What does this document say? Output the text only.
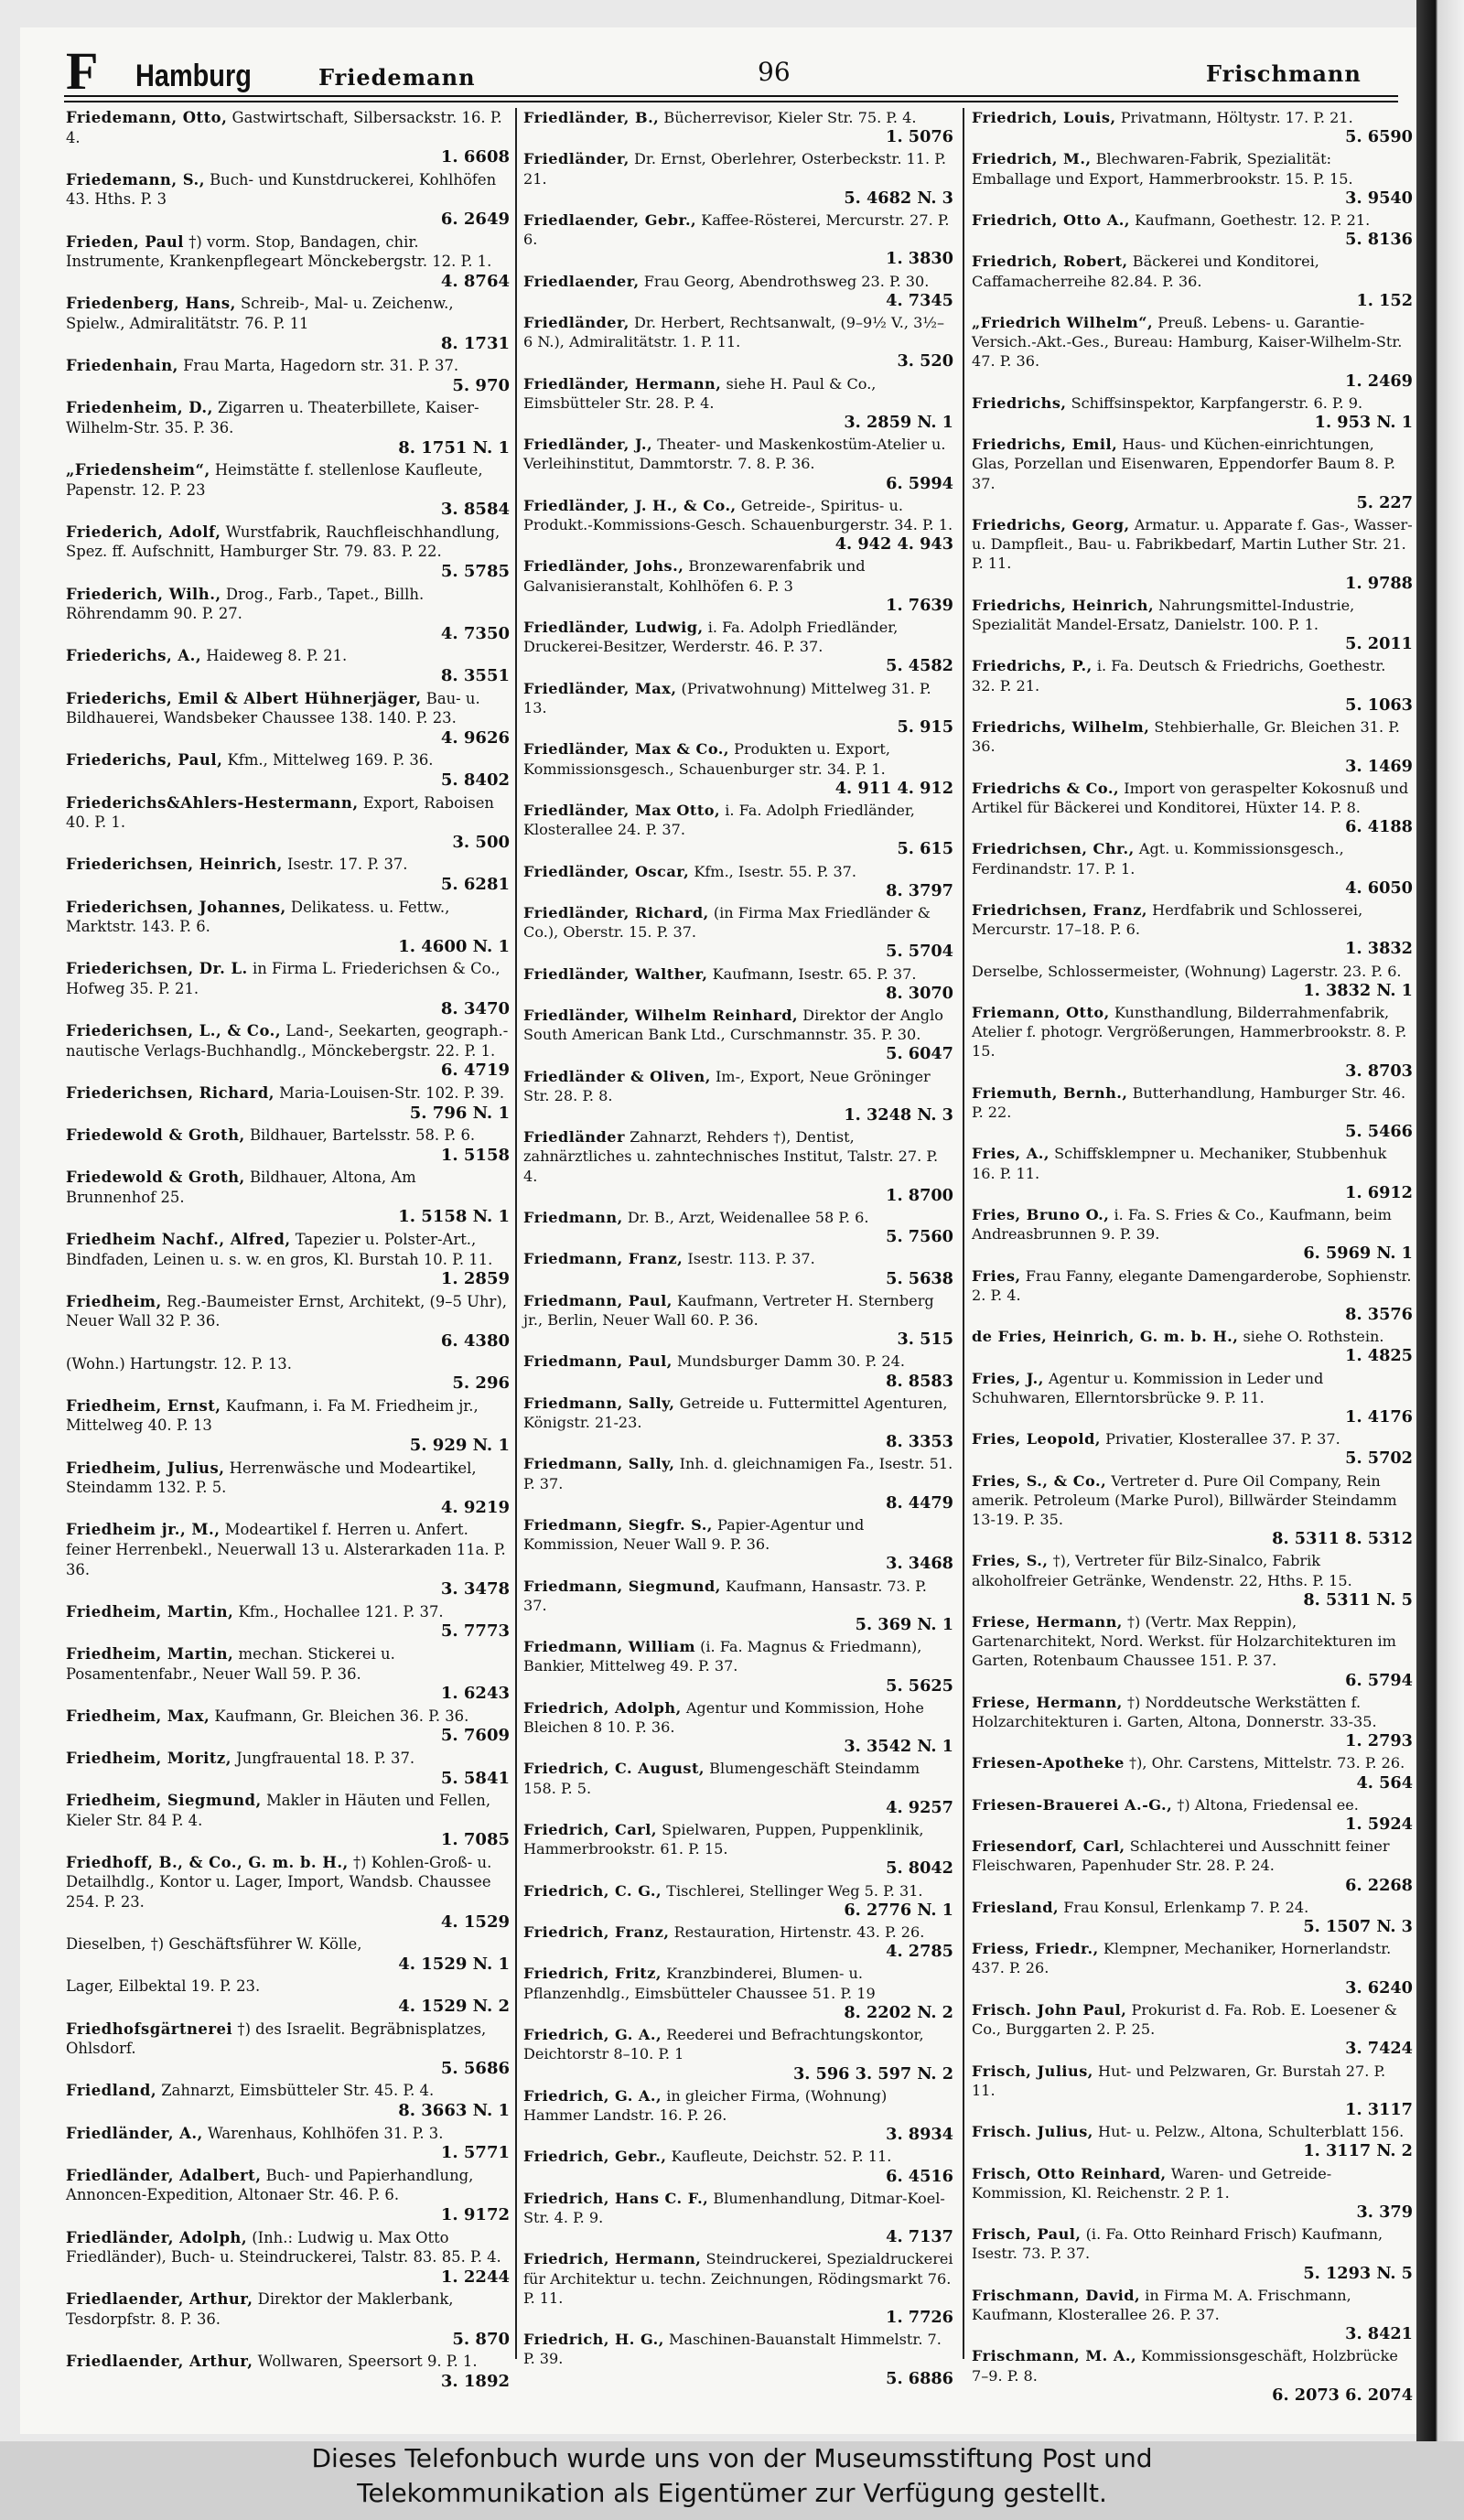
F Hamburg	Friedemann	96	Frischmann
Friedemann, Otto, Gastwirtschaft, Silbersackstr. 16. P. 4.
1. 6608
Friedemann, S., Buch- und Kunstdruckerei, Kohlhöfen 43. Hths. P. 3
6. 2649
Frieden, Paul †) vorm. Stop, Bandagen, chir. Instrumente, Krankenpflegeart Mönckebergstr. 12. P. 1.
4. 8764
Friedenberg, Hans, Schreib-, Mal- u. Zeichenw., Spielw., Admiralitätstr. 76. P. 11
8. 1731
Friedenhain, Frau Marta, Hagedorn str. 31. P. 37.
5. 970
Friedenheim, D., Zigarren u. Theaterbillete, Kaiser-Wilhelm-Str. 35. P. 36.
8. 1751 N. 1
„Friedensheim“, Heimstätte f. stellenlose Kaufleute, Papenstr. 12. P. 23
3. 8584
Friederich, Adolf, Wurstfabrik, Rauchfleischhandlung, Spez. ff. Aufschnitt, Hamburger Str. 79. 83. P. 22.
5. 5785
Friederich, Wilh., Drog., Farb., Tapet., Billh. Röhrendamm 90. P. 27.
4. 7350
Friederichs, A., Haideweg 8. P. 21.
8. 3551
Friederichs, Emil & Albert Hühnerjäger, Bau- u. Bildhauerei, Wandsbeker Chaussee 138. 140. P. 23.
4. 9626
Friederichs, Paul, Kfm., Mittelweg 169. P. 36.
5. 8402
Friederichs&Ahlers-Hestermann, Export, Raboisen 40. P. 1.
3. 500
Friederichsen, Heinrich, Isestr. 17. P. 37.
5. 6281
Friederichsen, Johannes, Delikatess. u. Fettw., Marktstr. 143. P. 6.
1. 4600 N. 1
Friederichsen, Dr. L. in Firma L. Friederichsen & Co., Hofweg 35. P. 21.
8. 3470
Friederichsen, L., & Co., Land-, Seekarten, geograph.-nautische Verlags-Buchhandlg., Mönckebergstr. 22. P. 1.
6. 4719
Friederichsen, Richard, Maria-Louisen-Str. 102. P. 39.
5. 796 N. 1
Friedewold & Groth, Bildhauer, Bartelsstr. 58. P. 6.
1. 5158
Friedewold & Groth, Bildhauer, Altona, Am Brunnenhof 25.
1. 5158 N. 1
Friedheim Nachf., Alfred, Tapezier u. Polster-Art., Bindfaden, Leinen u. s. w. en gros, Kl. Burstah 10. P. 11.
1. 2859
Friedheim, Reg.-Baumeister Ernst, Architekt, (9–5 Uhr), Neuer Wall 32 P. 36.
6. 4380
(Wohn.) Hartungstr. 12. P. 13.
5. 296
Friedheim, Ernst, Kaufmann, i. Fa M. Friedheim jr., Mittelweg 40. P. 13
5. 929 N. 1
Friedheim, Julius, Herrenwäsche und Modeartikel, Steindamm 132. P. 5.
4. 9219
Friedheim jr., M., Modeartikel f. Herren u. Anfert. feiner Herrenbekl., Neuerwall 13 u. Alsterarkaden 11a. P. 36.
3. 3478
Friedheim, Martin, Kfm., Hochallee 121. P. 37.
5. 7773
Friedheim, Martin, mechan. Stickerei u. Posamentenfabr., Neuer Wall 59. P. 36.
1. 6243
Friedheim, Max, Kaufmann, Gr. Bleichen 36. P. 36.
5. 7609
Friedheim, Moritz, Jungfrauental 18. P. 37.
5. 5841
Friedheim, Siegmund, Makler in Häuten und Fellen, Kieler Str. 84 P. 4.
1. 7085
Friedhoff, B., & Co., G. m. b. H., †) Kohlen-Groß- u. Detailhdlg., Kontor u. Lager, Import, Wandsb. Chaussee 254. P. 23.
4. 1529
Dieselben, †) Geschäftsführer W. Kölle,
4. 1529 N. 1
Lager, Eilbektal 19. P. 23.
4. 1529 N. 2
Friedhofsgärtnerei †) des Israelit. Begräbnisplatzes, Ohlsdorf.
5. 5686
Friedland, Zahnarzt, Eimsbütteler Str. 45. P. 4.
8. 3663 N. 1
Friedländer, A., Warenhaus, Kohlhöfen 31. P. 3.
1. 5771
Friedländer, Adalbert, Buch- und Papierhandlung, Annoncen-Expedition, Altonaer Str. 46. P. 6.
1. 9172
Friedländer, Adolph, (Inh.: Ludwig u. Max Otto Friedländer), Buch- u. Steindruckerei, Talstr. 83. 85. P. 4.
1. 2244
Friedlaender, Arthur, Direktor der Maklerbank, Tesdorpfstr. 8. P. 36.
5. 870
Friedlaender, Arthur, Wollwaren, Speersort 9. P. 1.
3. 1892
Friedländer, B., Bücherrevisor, Kieler Str. 75. P. 4.
1. 5076
Friedländer, Dr. Ernst, Oberlehrer, Osterbeckstr. 11. P. 21.
5. 4682 N. 3
Friedlaender, Gebr., Kaffee-Rösterei, Mercurstr. 27. P. 6.
1. 3830
Friedlaender, Frau Georg, Abendrothsweg 23. P. 30.
4. 7345
Friedländer, Dr. Herbert, Rechtsanwalt, (9–9½ V., 3½–6 N.), Admiralitätstr. 1. P. 11.
3. 520
Friedländer, Hermann, siehe H. Paul & Co., Eimsbütteler Str. 28. P. 4.
3. 2859 N. 1
Friedländer, J., Theater- und Maskenkostüm-Atelier u. Verleihinstitut, Dammtorstr. 7. 8. P. 36.
6. 5994
Friedländer, J. H., & Co., Getreide-, Spiritus- u. Produkt.-Kommissions-Gesch. Schauenburgerstr. 34. P. 1.
4. 942 4. 943
Friedländer, Johs., Bronzewarenfabrik und Galvanisieranstalt, Kohlhöfen 6. P. 3
1. 7639
Friedländer, Ludwig, i. Fa. Adolph Friedländer, Druckerei-Besitzer, Werderstr. 46. P. 37.
5. 4582
Friedländer, Max, (Privatwohnung) Mittelweg 31. P. 13.
5. 915
Friedländer, Max & Co., Produkten u. Export, Kommissionsgesch., Schauenburger str. 34. P. 1.
4. 911 4. 912
Friedländer, Max Otto, i. Fa. Adolph Friedländer, Klosterallee 24. P. 37.
5. 615
Friedländer, Oscar, Kfm., Isestr. 55. P. 37.
8. 3797
Friedländer, Richard, (in Firma Max Friedländer & Co.), Oberstr. 15. P. 37.
5. 5704
Friedländer, Walther, Kaufmann, Isestr. 65. P. 37.
8. 3070
Friedländer, Wilhelm Reinhard, Direktor der Anglo South American Bank Ltd., Curschmannstr. 35. P. 30.
5. 6047
Friedländer & Oliven, Im-, Export, Neue Gröninger Str. 28. P. 8.
1. 3248 N. 3
Friedländer Zahnarzt, Rehders †), Dentist, zahnärztliches u. zahntechnisches Institut, Talstr. 27. P. 4.
1. 8700
Friedmann, Dr. B., Arzt, Weidenallee 58 P. 6.
5. 7560
Friedmann, Franz, Isestr. 113. P. 37.
5. 5638
Friedmann, Paul, Kaufmann, Vertreter H. Sternberg jr., Berlin, Neuer Wall 60. P. 36.
3. 515
Friedmann, Paul, Mundsburger Damm 30. P. 24.
8. 8583
Friedmann, Sally, Getreide u. Futtermittel Agenturen, Königstr. 21-23.
8. 3353
Friedmann, Sally, Inh. d. gleichnamigen Fa., Isestr. 51. P. 37.
8. 4479
Friedmann, Siegfr. S., Papier-Agentur und Kommission, Neuer Wall 9. P. 36.
3. 3468
Friedmann, Siegmund, Kaufmann, Hansastr. 73. P. 37.
5. 369 N. 1
Friedmann, William (i. Fa. Magnus & Friedmann), Bankier, Mittelweg 49. P. 37.
5. 5625
Friedrich, Adolph, Agentur und Kommission, Hohe Bleichen 8 10. P. 36.
3. 3542 N. 1
Friedrich, C. August, Blumengeschäft Steindamm 158. P. 5.
4. 9257
Friedrich, Carl, Spielwaren, Puppen, Puppenklinik, Hammerbrookstr. 61. P. 15.
5. 8042
Friedrich, C. G., Tischlerei, Stellinger Weg 5. P. 31.
6. 2776 N. 1
Friedrich, Franz, Restauration, Hirtenstr. 43. P. 26.
4. 2785
Friedrich, Fritz, Kranzbinderei, Blumen- u. Pflanzenhdlg., Eimsbütteler Chaussee 51. P. 19
8. 2202 N. 2
Friedrich, G. A., Reederei und Befrachtungskontor, Deichtorstr 8–10. P. 1
3. 596 3. 597 N. 2
Friedrich, G. A., in gleicher Firma, (Wohnung) Hammer Landstr. 16. P. 26.
3. 8934
Friedrich, Gebr., Kaufleute, Deichstr. 52. P. 11.
6. 4516
Friedrich, Hans C. F., Blumenhandlung, Ditmar-Koel-Str. 4. P. 9.
4. 7137
Friedrich, Hermann, Steindruckerei, Spezialdruckerei für Architektur u. techn. Zeichnungen, Rödingsmarkt 76. P. 11.
1. 7726
Friedrich, H. G., Maschinen-Bauanstalt Himmelstr. 7. P. 39.
5. 6886
Friedrich, Louis, Privatmann, Höltystr. 17. P. 21.
5. 6590
Friedrich, M., Blechwaren-Fabrik, Spezialität: Emballage und Export, Hammerbrookstr. 15. P. 15.
3. 9540
Friedrich, Otto A., Kaufmann, Goethestr. 12. P. 21.
5. 8136
Friedrich, Robert, Bäckerei und Konditorei, Caffamacherreihe 82.84. P. 36.
1. 152
„Friedrich Wilhelm“, Preuß. Lebens- u. Garantie-Versich.-Akt.-Ges., Bureau: Hamburg, Kaiser-Wilhelm-Str. 47. P. 36.
1. 2469
Friedrichs, Schiffsinspektor, Karpfangerstr. 6. P. 9.
1. 953 N. 1
Friedrichs, Emil, Haus- und Küchen-einrichtungen, Glas, Porzellan und Eisenwaren, Eppendorfer Baum 8. P. 37.
5. 227
Friedrichs, Georg, Armatur. u. Apparate f. Gas-, Wasser- u. Dampfleit., Bau- u. Fabrikbedarf, Martin Luther Str. 21. P. 11.
1. 9788
Friedrichs, Heinrich, Nahrungsmittel-Industrie, Spezialität Mandel-Ersatz, Danielstr. 100. P. 1.
5. 2011
Friedrichs, P., i. Fa. Deutsch & Friedrichs, Goethestr. 32. P. 21.
5. 1063
Friedrichs, Wilhelm, Stehbierhalle, Gr. Bleichen 31. P. 36.
3. 1469
Friedrichs & Co., Import von geraspelter Kokosnuß und Artikel für Bäckerei und Konditorei, Hüxter 14. P. 8.
6. 4188
Friedrichsen, Chr., Agt. u. Kommissionsgesch., Ferdinandstr. 17. P. 1.
4. 6050
Friedrichsen, Franz, Herdfabrik und Schlosserei, Mercurstr. 17–18. P. 6.
1. 3832
Derselbe, Schlossermeister, (Wohnung) Lagerstr. 23. P. 6.
1. 3832 N. 1
Friemann, Otto, Kunsthandlung, Bilderrahmenfabrik, Atelier f. photogr. Vergrößerungen, Hammerbrookstr. 8. P. 15.
3. 8703
Friemuth, Bernh., Butterhandlung, Hamburger Str. 46. P. 22.
5. 5466
Fries, A., Schiffsklempner u. Mechaniker, Stubbenhuk 16. P. 11.
1. 6912
Fries, Bruno O., i. Fa. S. Fries & Co., Kaufmann, beim Andreasbrunnen 9. P. 39.
6. 5969 N. 1
Fries, Frau Fanny, elegante Damengarderobe, Sophienstr. 2. P. 4.
8. 3576
de Fries, Heinrich, G. m. b. H., siehe O. Rothstein.
1. 4825
Fries, J., Agentur u. Kommission in Leder und Schuhwaren, Ellerntorsbrücke 9. P. 11.
1. 4176
Fries, Leopold, Privatier, Klosterallee 37. P. 37.
5. 5702
Fries, S., & Co., Vertreter d. Pure Oil Company, Rein amerik. Petroleum (Marke Purol), Billwärder Steindamm 13-19. P. 35.
8. 5311 8. 5312
Fries, S., †), Vertreter für Bilz-Sinalco, Fabrik alkoholfreier Getränke, Wendenstr. 22, Hths. P. 15.
8. 5311 N. 5
Friese, Hermann, †) (Vertr. Max Reppin), Gartenarchitekt, Nord. Werkst. für Holzarchitekturen im Garten, Rotenbaum Chaussee 151. P. 37.
6. 5794
Friese, Hermann, †) Norddeutsche Werkstätten f. Holzarchitekturen i. Garten, Altona, Donnerstr. 33-35.
1. 2793
Friesen-Apotheke †), Ohr. Carstens, Mittelstr. 73. P. 26.
4. 564
Friesen-Brauerei A.-G., †) Altona, Friedensal ee.
1. 5924
Friesendorf, Carl, Schlachterei und Ausschnitt feiner Fleischwaren, Papenhuder Str. 28. P. 24.
6. 2268
Friesland, Frau Konsul, Erlenkamp 7. P. 24.
5. 1507 N. 3
Friess, Friedr., Klempner, Mechaniker, Hornerlandstr. 437. P. 26.
3. 6240
Frisch. John Paul, Prokurist d. Fa. Rob. E. Loesener & Co., Burggarten 2. P. 25.
3. 7424
Frisch, Julius, Hut- und Pelzwaren, Gr. Burstah 27. P. 11.
1. 3117
Frisch. Julius, Hut- u. Pelzw., Altona, Schulterblatt 156.
1. 3117 N. 2
Frisch, Otto Reinhard, Waren- und Getreide-Kommission, Kl. Reichenstr. 2 P. 1.
3. 379
Frisch, Paul, (i. Fa. Otto Reinhard Frisch) Kaufmann, Isestr. 73. P. 37.
5. 1293 N. 5
Frischmann, David, in Firma M. A. Frischmann, Kaufmann, Klosterallee 26. P. 37.
3. 8421
Frischmann, M. A., Kommissionsgeschäft, Holzbrücke 7–9. P. 8.
6. 2073 6. 2074
Dieses Telefonbuch wurde uns von der Museumsstiftung Post und
Telekommunikation als Eigentümer zur Verfügung gestellt.
